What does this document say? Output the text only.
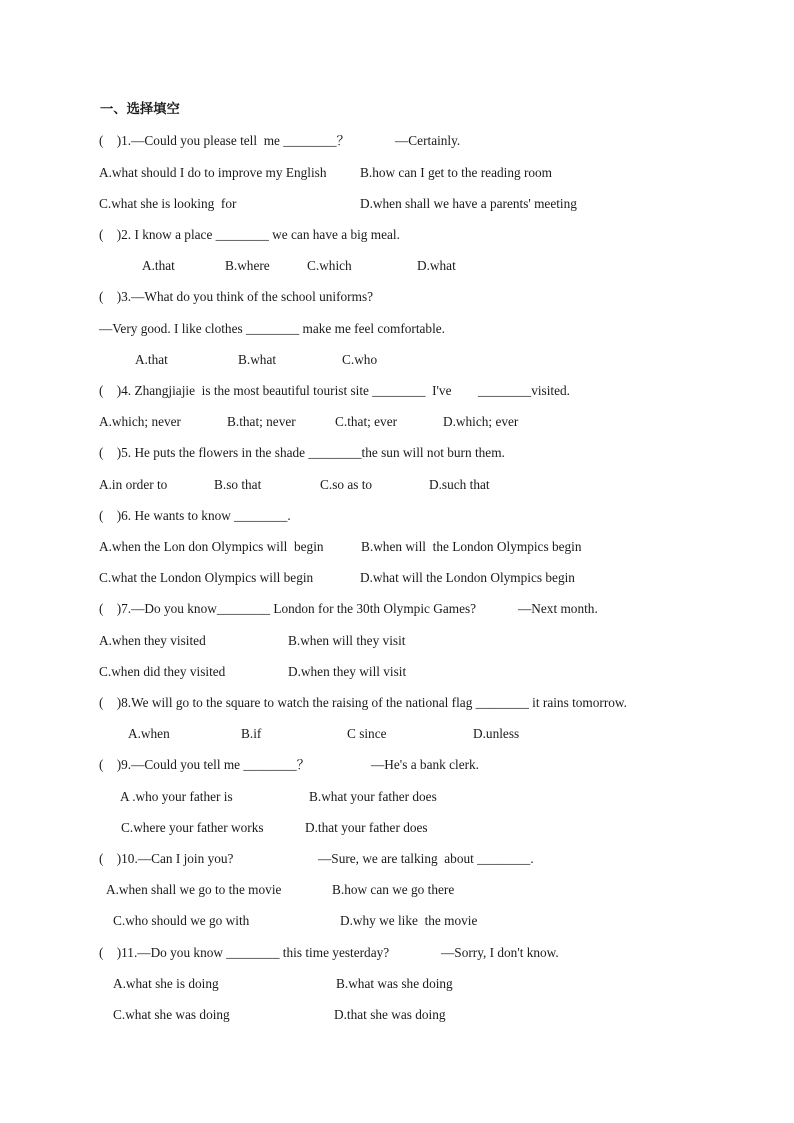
一、选择填空

(    )1.—Could you please tell  me ________？

	—Certainly.

A.what should I do to improve my English

	B.how can I get to the reading room

C.what she is looking  for

	D.when shall we have a parents' meeting

(    )2. I know a place ________ we can have a big meal.

A.that

	B.where

	C.which

	D.what

(    )3.—What do you think of the school uniforms?

—Very good. I like clothes ________ make me feel comfortable.

A.that

	B.what

	C.who

(    )4. Zhangjiajie  is the most beautiful tourist site ________  I've

________visited.

A.which; never

	B.that; never

	C.that; ever

	D.which; ever

(    )5. He puts the flowers in the shade ________the sun will not burn them.

A.in order to

	B.so that

	C.so as to

	D.such that

(    )6. He wants to know ________.

A.when the Lon don Olympics will  begin

	B.when will  the London Olympics begin

C.what the London Olympics will begin

	D.what will the London Olympics begin

(    )7.—Do you know________ London for the 30th Olympic Games?

	—Next month.

A.when they visited

	B.when will they visit

C.when did they visited

	D.when they will visit

(    )8.We will go to the square to watch the raising of the national flag ________ it rains tomorrow.

A.when

	B.if

	C since

	D.unless

(    )9.—Could you tell me ________？

	—He's a bank clerk.

A .who your father is

	B.what your father does

C.where your father works

	D.that your father does

(    )10.—Can I join you?

	—Sure, we are talking  about ________.

A.when shall we go to the movie

	B.how can we go there

C.who should we go with

	D.why we like  the movie

(    )11.—Do you know ________ this time yesterday?

	—Sorry, I don't know.

A.what she is doing

	B.what was she doing

C.what she was doing

	D.that she was doing
